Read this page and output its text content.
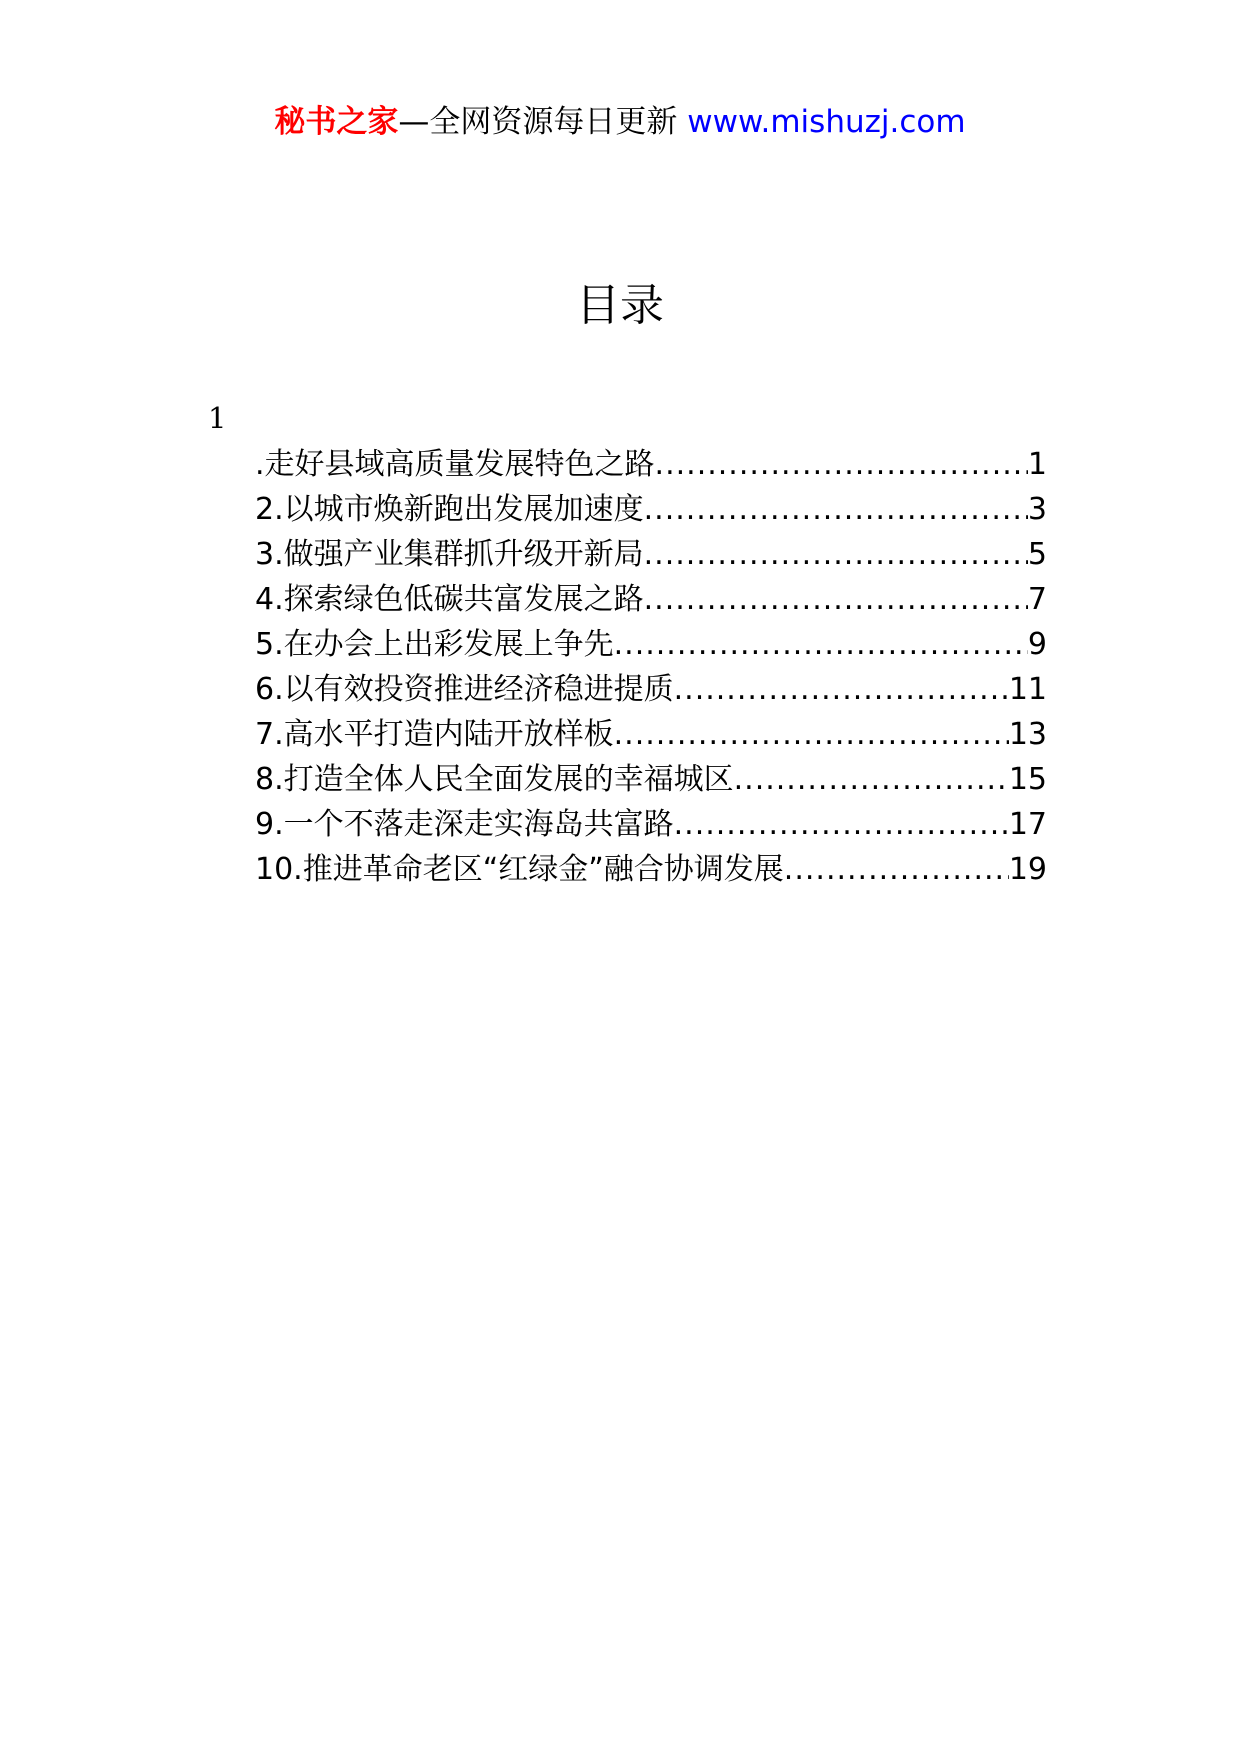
秘书之家—全网资源每日更新 www.mishuzj.com
目录
1
.走好县域高质量发展特色之路 .....	1
2.以城市焕新跑出发展加速度 .....	3
3.做强产业集群抓升级开新局 .....	5
4.探索绿色低碳共富发展之路 .....	7
5.在办会上出彩发展上争先 .....	9
6.以有效投资推进经济稳进提质 .....	11
7.高水平打造内陆开放样板 .....	13
8.打造全体人民全面发展的幸福城区 .....	15
9.一个不落走深走实海岛共富路 .....	17
10.推进革命老区“红绿金”融合协调发展 .....	19
